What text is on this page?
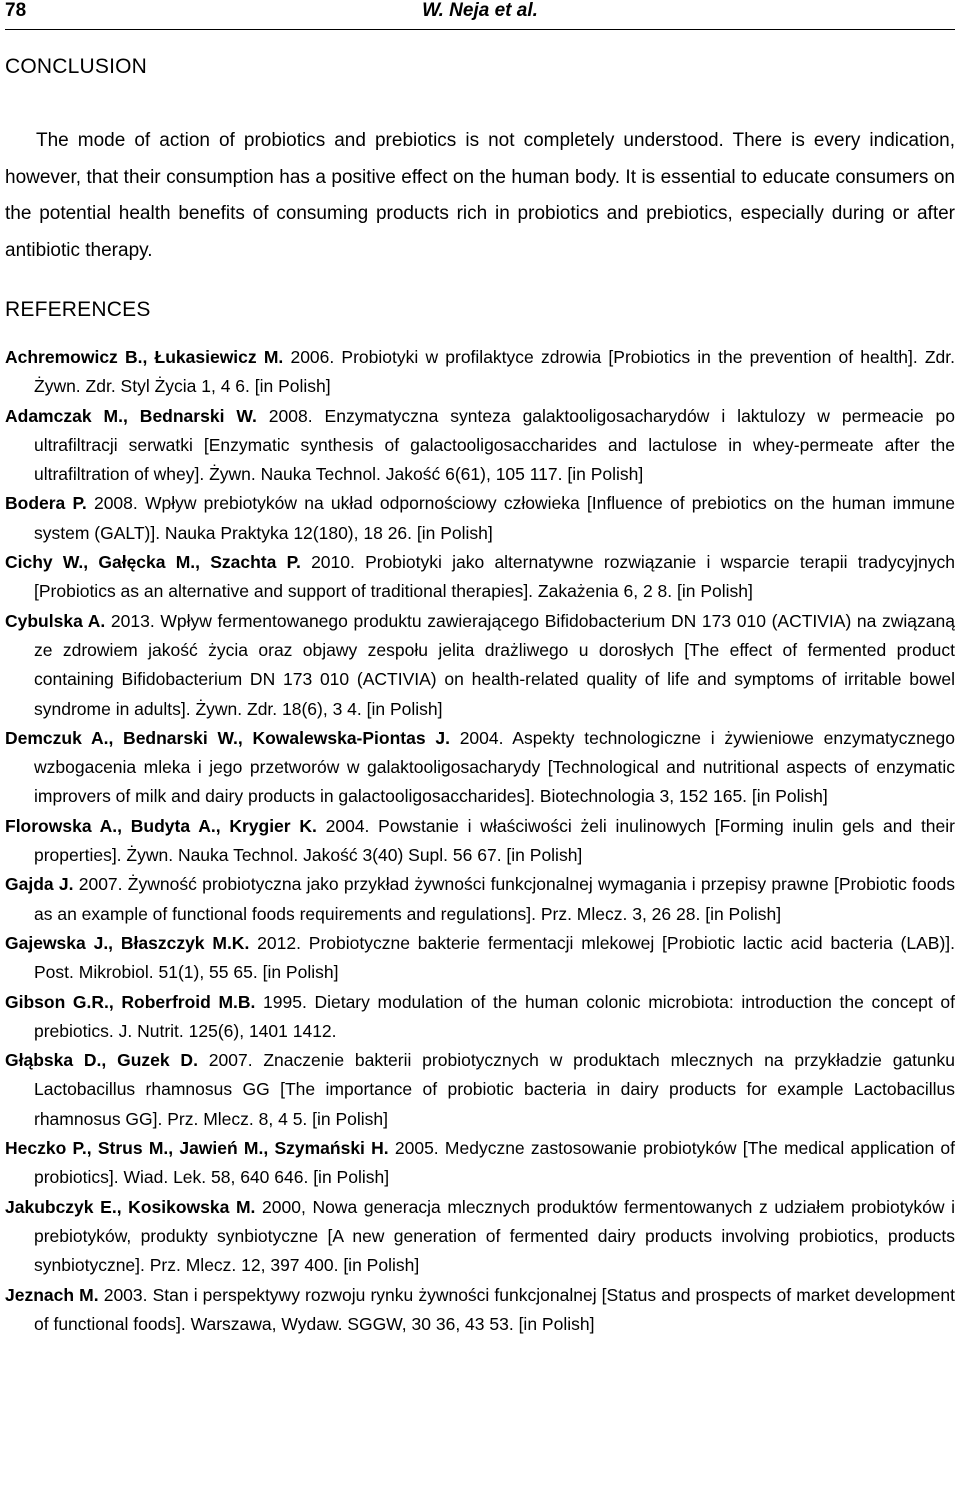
78	W. Neja et al.
CONCLUSION

The mode of action of probiotics and prebiotics is not completely understood. There is every indication, however, that their consumption has a positive effect on the human body. It is essential to educate consumers on the potential health benefits of consuming products rich in probiotics and prebiotics, especially during or after antibiotic therapy.

REFERENCES

Achremowicz B., Łukasiewicz M. 2006. Probiotyki w profilaktyce zdrowia [Probiotics in the prevention of health]. Zdr. Żywn. Zdr. Styl Życia 1, 4 6. [in Polish]

Adamczak M., Bednarski W. 2008. Enzymatyczna synteza galaktooligosacharydów i laktulozy w permeacie po ultrafiltracji serwatki [Enzymatic synthesis of galactooligosaccharides and lactulose in whey-permeate after the ultrafiltration of whey]. Żywn. Nauka Technol. Jakość 6(61), 105 117. [in Polish]

Bodera P. 2008. Wpływ prebiotyków na układ odpornościowy człowieka [Influence of prebiotics on the human immune system (GALT)]. Nauka Praktyka 12(180), 18 26. [in Polish]

Cichy W., Gałęcka M., Szachta P. 2010. Probiotyki jako alternatywne rozwiązanie i wsparcie terapii tradycyjnych [Probiotics as an alternative and support of traditional therapies]. Zakażenia 6, 2 8. [in Polish]

Cybulska A. 2013. Wpływ fermentowanego produktu zawierającego Bifidobacterium DN 173 010 (ACTIVIA) na związaną ze zdrowiem jakość życia oraz objawy zespołu jelita drażliwego u dorosłych [The effect of fermented product containing Bifidobacterium DN 173 010 (ACTIVIA) on health-related quality of life and symptoms of irritable bowel syndrome in adults]. Żywn. Zdr. 18(6), 3 4. [in Polish]

Demczuk A., Bednarski W., Kowalewska-Piontas J. 2004. Aspekty technologiczne i żywieniowe enzymatycznego wzbogacenia mleka i jego przetworów w galaktooligosacharydy [Technological and nutritional aspects of enzymatic improvers of milk and dairy products in galactooligosaccharides]. Biotechnologia 3, 152 165. [in Polish]

Florowska A., Budyta A., Krygier K. 2004. Powstanie i właściwości żeli inulinowych [Forming inulin gels and their properties]. Żywn. Nauka Technol. Jakość 3(40) Supl. 56 67. [in Polish]

Gajda J. 2007. Żywność probiotyczna jako przykład żywności funkcjonalnej wymagania i przepisy prawne [Probiotic foods as an example of functional foods requirements and regulations]. Prz. Mlecz. 3, 26 28. [in Polish]

Gajewska J., Błaszczyk M.K. 2012. Probiotyczne bakterie fermentacji mlekowej [Probiotic lactic acid bacteria (LAB)]. Post. Mikrobiol. 51(1), 55 65. [in Polish]

Gibson G.R., Roberfroid M.B. 1995. Dietary modulation of the human colonic microbiota: introduction the concept of prebiotics. J. Nutrit. 125(6), 1401 1412.

Głąbska D., Guzek D. 2007. Znaczenie bakterii probiotycznych w produktach mlecznych na przykładzie gatunku Lactobacillus rhamnosus GG [The importance of probiotic bacteria in dairy products for example Lactobacillus rhamnosus GG]. Prz. Mlecz. 8, 4 5. [in Polish]

Heczko P., Strus M., Jawień M., Szymański H. 2005. Medyczne zastosowanie probiotyków [The medical application of probiotics]. Wiad. Lek. 58, 640 646. [in Polish]

Jakubczyk E., Kosikowska M. 2000, Nowa generacja mlecznych produktów fermentowanych z udziałem probiotyków i prebiotyków, produkty synbiotyczne [A new generation of fermented dairy products involving probiotics, products synbiotyczne]. Prz. Mlecz. 12, 397 400. [in Polish]

Jeznach M. 2003. Stan i perspektywy rozwoju rynku żywności funkcjonalnej [Status and prospects of market development of functional foods]. Warszawa, Wydaw. SGGW, 30 36, 43 53. [in Polish]
